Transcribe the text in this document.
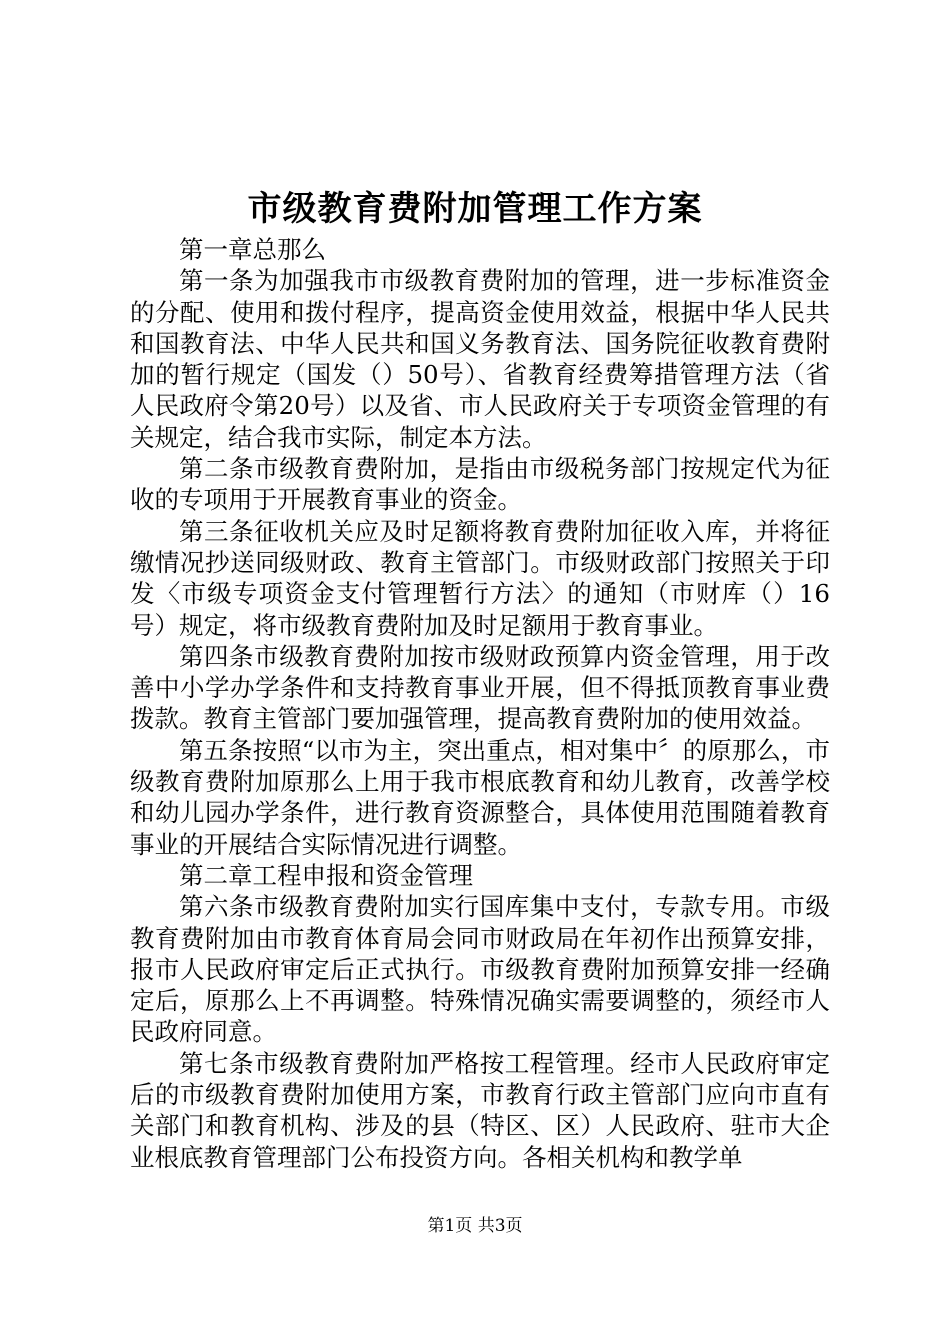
市级教育费附加管理工作方案

第一章总那么

第一条为加强我市市级教育费附加的管理，进一步标准资金的分配、使用和拨付程序，提高资金使用效益，根据中华人民共和国教育法、中华人民共和国义务教育法、国务院征收教育费附加的暂行规定（国发（）50号）、省教育经费筹措管理方法（省人民政府令第20号）以及省、市人民政府关于专项资金管理的有关规定，结合我市实际，制定本方法。

第二条市级教育费附加，是指由市级税务部门按规定代为征收的专项用于开展教育事业的资金。

第三条征收机关应及时足额将教育费附加征收入库，并将征缴情况抄送同级财政、教育主管部门。市级财政部门按照关于印发〈市级专项资金支付管理暂行方法〉的通知（市财库（）16号）规定，将市级教育费附加及时足额用于教育事业。

第四条市级教育费附加按市级财政预算内资金管理，用于改善中小学办学条件和支持教育事业开展，但不得抵顶教育事业费拨款。教育主管部门要加强管理，提高教育费附加的使用效益。

第五条按照“以市为主，突出重点，相对集中〞的原那么，市级教育费附加原那么上用于我市根底教育和幼儿教育，改善学校和幼儿园办学条件，进行教育资源整合，具体使用范围随着教育事业的开展结合实际情况进行调整。

第二章工程申报和资金管理

第六条市级教育费附加实行国库集中支付，专款专用。市级教育费附加由市教育体育局会同市财政局在年初作出预算安排，报市人民政府审定后正式执行。市级教育费附加预算安排一经确定后，原那么上不再调整。特殊情况确实需要调整的，须经市人民政府同意。

第七条市级教育费附加严格按工程管理。经市人民政府审定后的市级教育费附加使用方案，市教育行政主管部门应向市直有关部门和教育机构、涉及的县（特区、区）人民政府、驻市大企业根底教育管理部门公布投资方向。各相关机构和教学单

第1页 共3页
